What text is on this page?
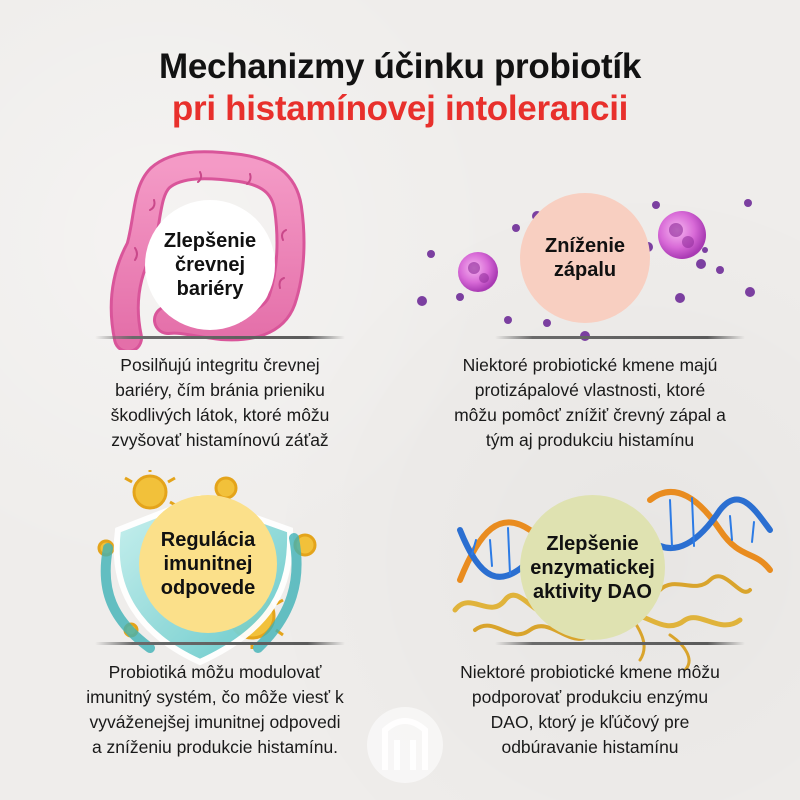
Mechanizmy účinku probiotík
pri histamínovej intolerancii
Zlepšenie
črevnej
bariéry
Posilňujú integritu črevnej
bariéry, čím bránia prieniku
škodlivých látok, ktoré môžu
zvyšovať histamínovú záťaž
Zníženie
zápalu
Niektoré probiotické kmene majú
protizápalové vlastnosti, ktoré
môžu pomôcť znížiť črevný zápal a
tým aj produkciu histamínu
Regulácia
imunitnej
odpovede
Probiotiká môžu modulovať
imunitný systém, čo môže viesť k
vyváženejšej imunitnej odpovedi
a zníženiu produkcie histamínu.
Zlepšenie
enzymatickej
aktivity DAO
Niektoré probiotické kmene môžu
podporovať produkciu enzýmu
DAO, ktorý je kľúčový pre
odbúravanie histamínu
